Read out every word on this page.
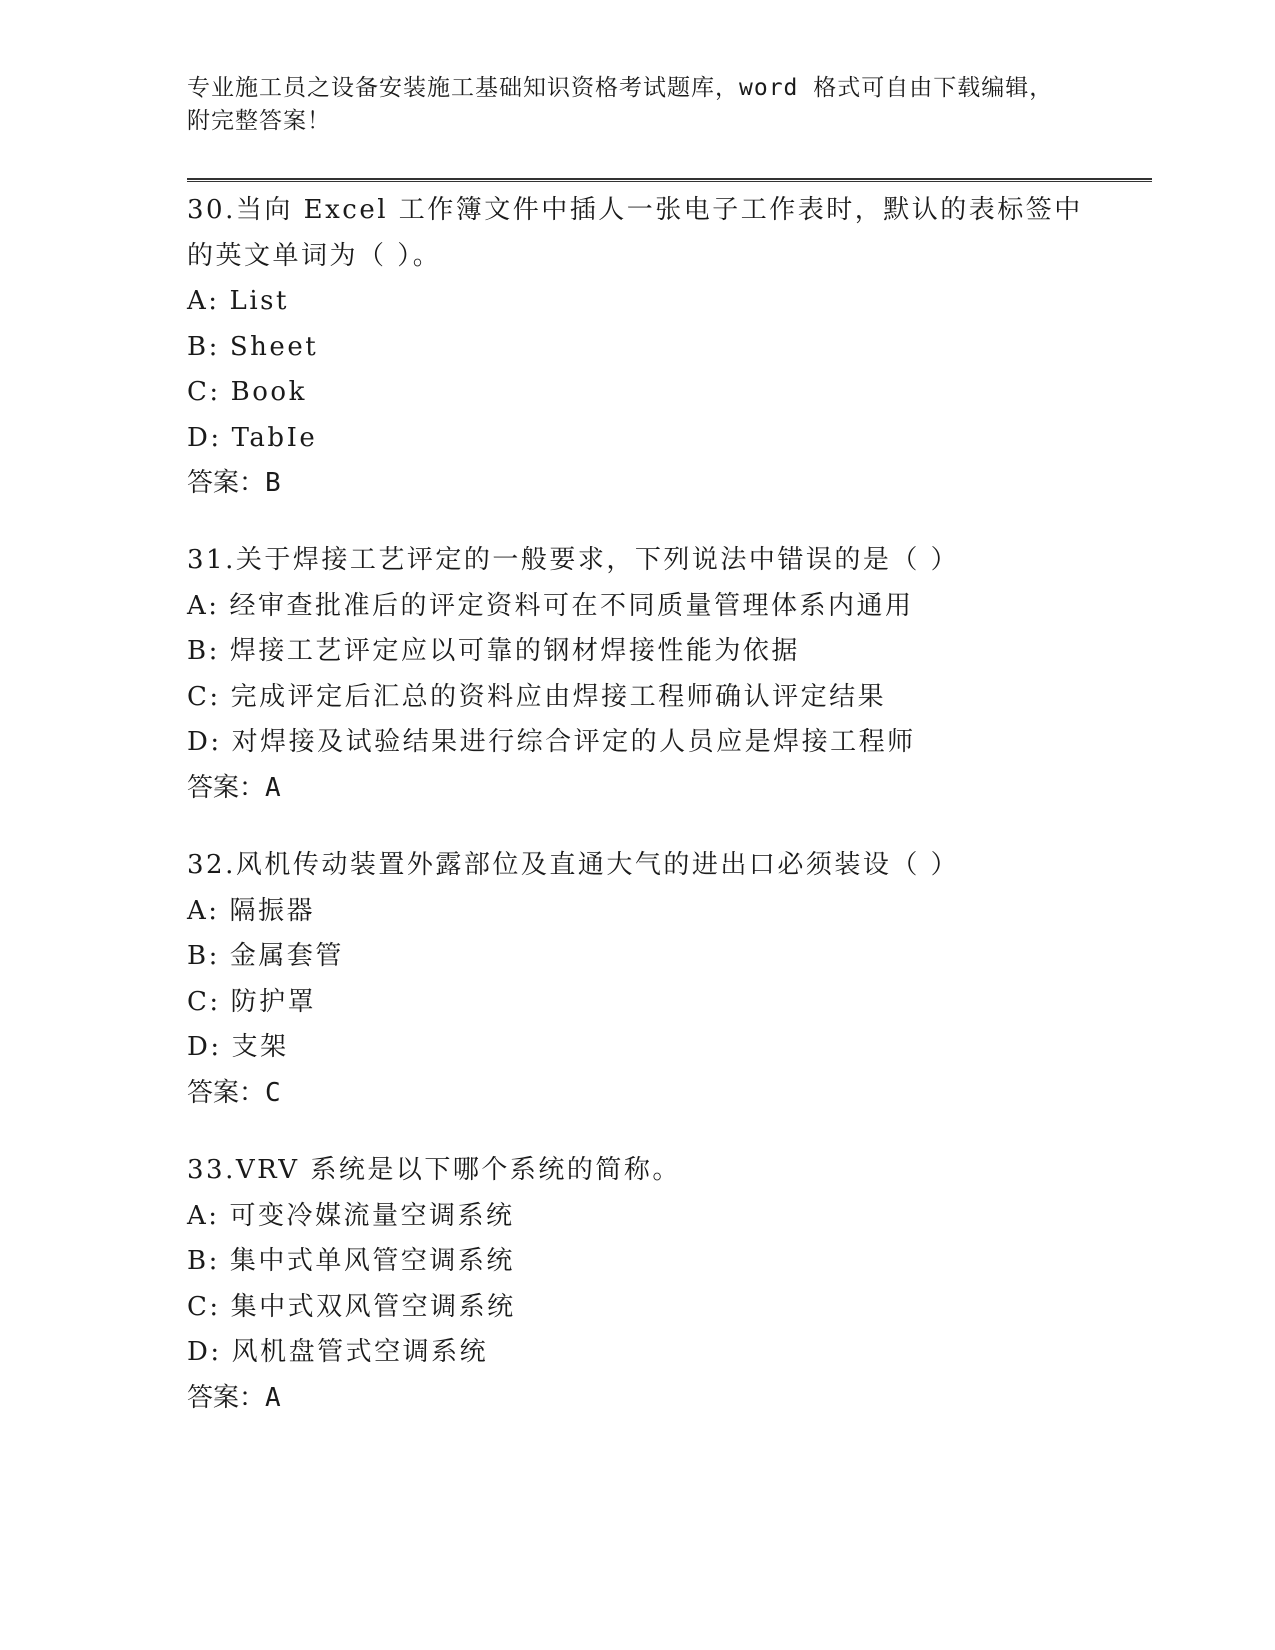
专业施工员之设备安装施工基础知识资格考试题库，word 格式可自由下载编辑，
附完整答案！
30.当向 Excel 工作簿文件中插人一张电子工作表时，默认的表标签中
的英文单词为（ ）。
A: List
B: Sheet
C: Book
D: TabIe
答案：B
31.关于焊接工艺评定的一般要求，下列说法中错误的是（ ）
A: 经审查批准后的评定资料可在不同质量管理体系内通用
B: 焊接工艺评定应以可靠的钢材焊接性能为依据
C: 完成评定后汇总的资料应由焊接工程师确认评定结果
D: 对焊接及试验结果进行综合评定的人员应是焊接工程师
答案：A
32.风机传动装置外露部位及直通大气的进出口必须装设（ ）
A: 隔振器
B: 金属套管
C: 防护罩
D: 支架
答案：C
33.VRV 系统是以下哪个系统的简称。
A: 可变冷媒流量空调系统
B: 集中式单风管空调系统
C: 集中式双风管空调系统
D: 风机盘管式空调系统
答案：A
